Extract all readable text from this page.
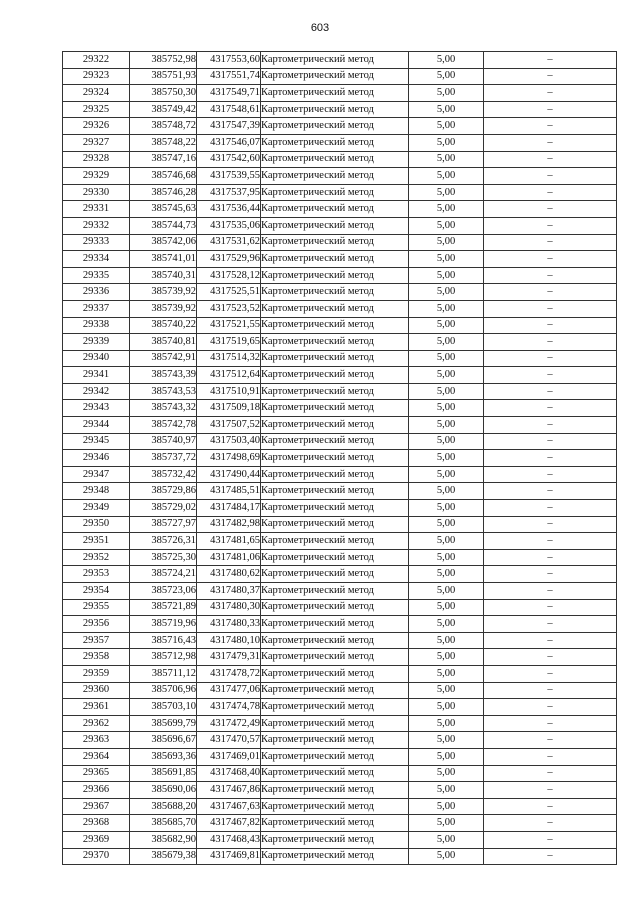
603
29322	385752,98	4317553,60	Картометрический метод	5,00	–
29323	385751,93	4317551,74	Картометрический метод	5,00	–
29324	385750,30	4317549,71	Картометрический метод	5,00	–
29325	385749,42	4317548,61	Картометрический метод	5,00	–
29326	385748,72	4317547,39	Картометрический метод	5,00	–
29327	385748,22	4317546,07	Картометрический метод	5,00	–
29328	385747,16	4317542,60	Картометрический метод	5,00	–
29329	385746,68	4317539,55	Картометрический метод	5,00	–
29330	385746,28	4317537,95	Картометрический метод	5,00	–
29331	385745,63	4317536,44	Картометрический метод	5,00	–
29332	385744,73	4317535,06	Картометрический метод	5,00	–
29333	385742,06	4317531,62	Картометрический метод	5,00	–
29334	385741,01	4317529,96	Картометрический метод	5,00	–
29335	385740,31	4317528,12	Картометрический метод	5,00	–
29336	385739,92	4317525,51	Картометрический метод	5,00	–
29337	385739,92	4317523,52	Картометрический метод	5,00	–
29338	385740,22	4317521,55	Картометрический метод	5,00	–
29339	385740,81	4317519,65	Картометрический метод	5,00	–
29340	385742,91	4317514,32	Картометрический метод	5,00	–
29341	385743,39	4317512,64	Картометрический метод	5,00	–
29342	385743,53	4317510,91	Картометрический метод	5,00	–
29343	385743,32	4317509,18	Картометрический метод	5,00	–
29344	385742,78	4317507,52	Картометрический метод	5,00	–
29345	385740,97	4317503,40	Картометрический метод	5,00	–
29346	385737,72	4317498,69	Картометрический метод	5,00	–
29347	385732,42	4317490,44	Картометрический метод	5,00	–
29348	385729,86	4317485,51	Картометрический метод	5,00	–
29349	385729,02	4317484,17	Картометрический метод	5,00	–
29350	385727,97	4317482,98	Картометрический метод	5,00	–
29351	385726,31	4317481,65	Картометрический метод	5,00	–
29352	385725,30	4317481,06	Картометрический метод	5,00	–
29353	385724,21	4317480,62	Картометрический метод	5,00	–
29354	385723,06	4317480,37	Картометрический метод	5,00	–
29355	385721,89	4317480,30	Картометрический метод	5,00	–
29356	385719,96	4317480,33	Картометрический метод	5,00	–
29357	385716,43	4317480,10	Картометрический метод	5,00	–
29358	385712,98	4317479,31	Картометрический метод	5,00	–
29359	385711,12	4317478,72	Картометрический метод	5,00	–
29360	385706,96	4317477,06	Картометрический метод	5,00	–
29361	385703,10	4317474,78	Картометрический метод	5,00	–
29362	385699,79	4317472,49	Картометрический метод	5,00	–
29363	385696,67	4317470,57	Картометрический метод	5,00	–
29364	385693,36	4317469,01	Картометрический метод	5,00	–
29365	385691,85	4317468,40	Картометрический метод	5,00	–
29366	385690,06	4317467,86	Картометрический метод	5,00	–
29367	385688,20	4317467,63	Картометрический метод	5,00	–
29368	385685,70	4317467,82	Картометрический метод	5,00	–
29369	385682,90	4317468,43	Картометрический метод	5,00	–
29370	385679,38	4317469,81	Картометрический метод	5,00	–
